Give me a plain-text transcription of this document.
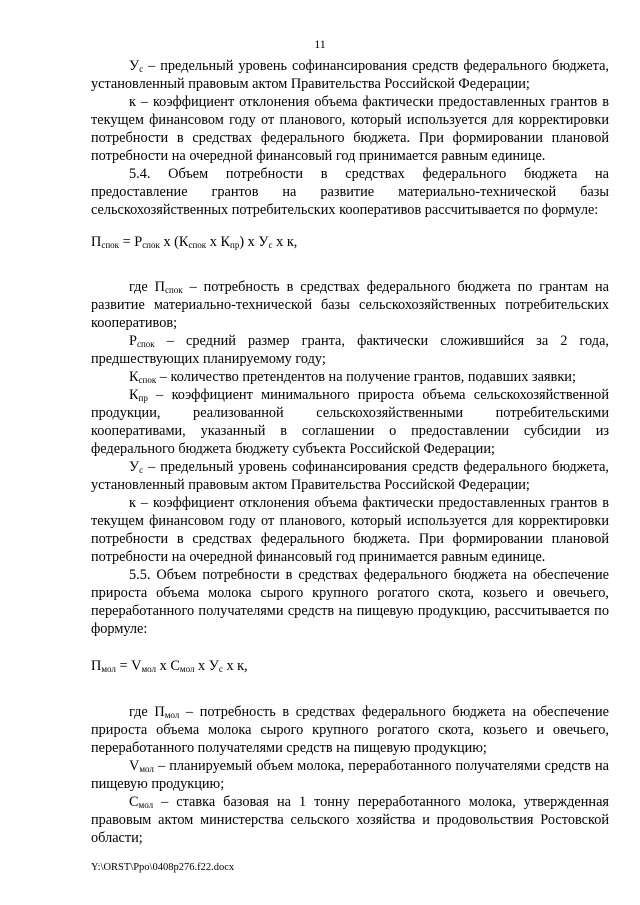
11

$У_с$ – предельный уровень софинансирования средств федерального бюджета, установленный правовым актом Правительства Российской Федерации;

к – коэффициент отклонения объема фактически предоставленных грантов в текущем финансовом году от планового, который используется для корректировки потребности в средствах федерального бюджета. При формировании плановой потребности на очередной финансовый год принимается равным единице.

5.4. Объем потребности в средствах федерального бюджета на предоставление грантов на развитие материально-технической базы сельскохозяйственных потребительских кооперативов рассчитывается по формуле:

$П_{спок} = Р_{спок}$ х ($К_{спок}$ х $К_{пр}$) х $У_с$ х к,

где $П_{спок}$ – потребность в средствах федерального бюджета по грантам на развитие материально-технической базы сельскохозяйственных потребительских кооперативов;

$Р_{спок}$ – средний размер гранта, фактически сложившийся за 2 года, предшествующих планируемому году;

$К_{спок}$ – количество претендентов на получение грантов, подавших заявки;

$К_{пр}$ – коэффициент минимального прироста объема сельскохозяйственной продукции, реализованной сельскохозяйственными потребительскими кооперативами, указанный в соглашении о предоставлении субсидии из федерального бюджета бюджету субъекта Российской Федерации;

$У_с$ – предельный уровень софинансирования средств федерального бюджета, установленный правовым актом Правительства Российской Федерации;

к – коэффициент отклонения объема фактически предоставленных грантов в текущем финансовом году от планового, который используется для корректировки потребности в средствах федерального бюджета. При формировании плановой потребности на очередной финансовый год принимается равным единице.

5.5. Объем потребности в средствах федерального бюджета на обеспечение прироста объема молока сырого крупного рогатого скота, козьего и овечьего, переработанного получателями средств на пищевую продукцию, рассчитывается по формуле:

$П_{мол} = V_{мол}$ х $С_{мол}$ х $У_с$ х к,

где $П_{мол}$ – потребность в средствах федерального бюджета на обеспечение прироста объема молока сырого крупного рогатого скота, козьего и овечьего, переработанного получателями средств на пищевую продукцию;

$V_{мол}$ – планируемый объем молока, переработанного получателями средств на пищевую продукцию;

$С_{мол}$ – ставка базовая на 1 тонну переработанного молока, утвержденная правовым актом министерства сельского хозяйства и продовольствия Ростовской области;

Y:\ORST\Ppo\0408p276.f22.docx
